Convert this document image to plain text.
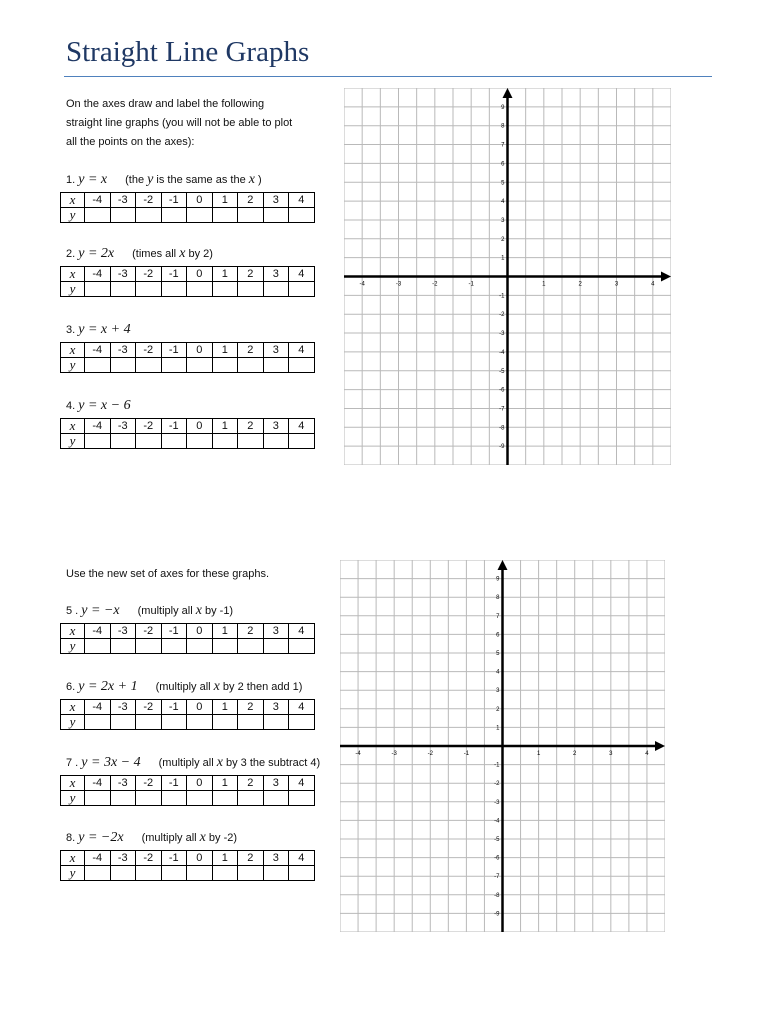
Straight Line Graphs
On the axes draw and label the following
straight line graphs (you will not be able to plot
all the points on the axes):
Use the new set of axes for these graphs.
1. y = x (the y is the same as the x )
x	-4	-3	-2	-1	0	1	2	3	4
y									
2. y = 2x (times all x by 2)
x	-4	-3	-2	-1	0	1	2	3	4
y									
3. y = x + 4
x	-4	-3	-2	-1	0	1	2	3	4
y									
4. y = x − 6
x	-4	-3	-2	-1	0	1	2	3	4
y									
5 . y = −x (multiply all x by -1)
x	-4	-3	-2	-1	0	1	2	3	4
y									
6. y = 2x + 1 (multiply all x by 2 then add 1)
x	-4	-3	-2	-1	0	1	2	3	4
y									
7 . y = 3x − 4 (multiply all x by 3 the subtract 4)
x	-4	-3	-2	-1	0	1	2	3	4
y									
8. y = −2x (multiply all x by -2)
x	-4	-3	-2	-1	0	1	2	3	4
y									
-4	-3	-2	-1	1	2	3	4
9
8
7
6
5
4
3
2
1
-1
-2
-3
-4
-5
-6
-7
-8
-9
-4	-3	-2	-1	1	2	3	4
9
8
7
6
5
4
3
2
1
-1
-2
-3
-4
-5
-6
-7
-8
-9
